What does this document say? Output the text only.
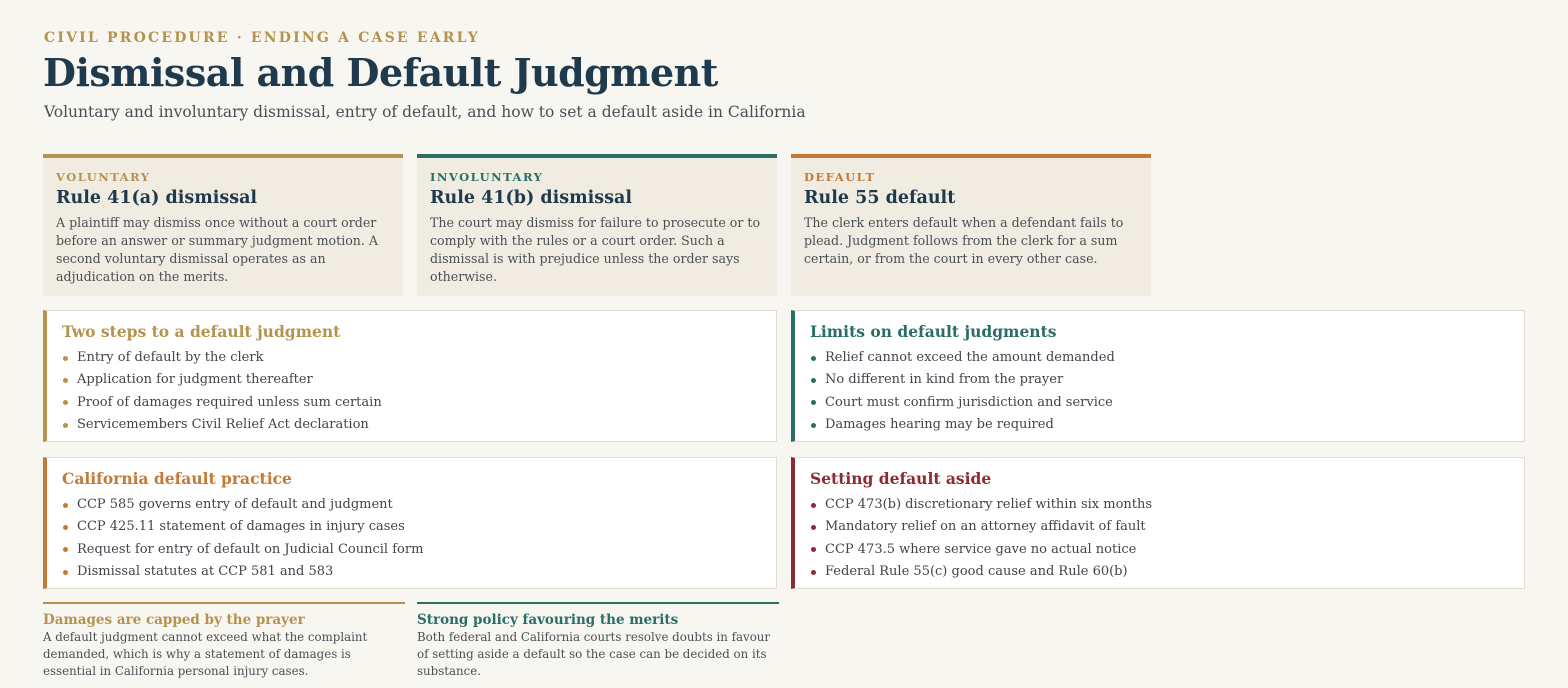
CIVIL PROCEDURE · ENDING A CASE EARLY
Dismissal and Default Judgment
Voluntary and involuntary dismissal, entry of default, and how to set a default aside in California
VOLUNTARY
Rule 41(a) dismissal
A plaintiff may dismiss once without a court order before an answer or summary judgment motion. A second voluntary dismissal operates as an adjudication on the merits.
INVOLUNTARY
Rule 41(b) dismissal
The court may dismiss for failure to prosecute or to comply with the rules or a court order. Such a dismissal is with prejudice unless the order says otherwise.
DEFAULT
Rule 55 default
The clerk enters default when a defendant fails to plead. Judgment follows from the clerk for a sum certain, or from the court in every other case.
Two steps to a default judgment
Entry of default by the clerk
Application for judgment thereafter
Proof of damages required unless sum certain
Servicemembers Civil Relief Act declaration
Limits on default judgments
Relief cannot exceed the amount demanded
No different in kind from the prayer
Court must confirm jurisdiction and service
Damages hearing may be required
California default practice
CCP 585 governs entry of default and judgment
CCP 425.11 statement of damages in injury cases
Request for entry of default on Judicial Council form
Dismissal statutes at CCP 581 and 583
Setting default aside
CCP 473(b) discretionary relief within six months
Mandatory relief on an attorney affidavit of fault
CCP 473.5 where service gave no actual notice
Federal Rule 55(c) good cause and Rule 60(b)
Damages are capped by the prayer
A default judgment cannot exceed what the complaint demanded, which is why a statement of damages is essential in California personal injury cases.
Strong policy favouring the merits
Both federal and California courts resolve doubts in favour of setting aside a default so the case can be decided on its substance.
